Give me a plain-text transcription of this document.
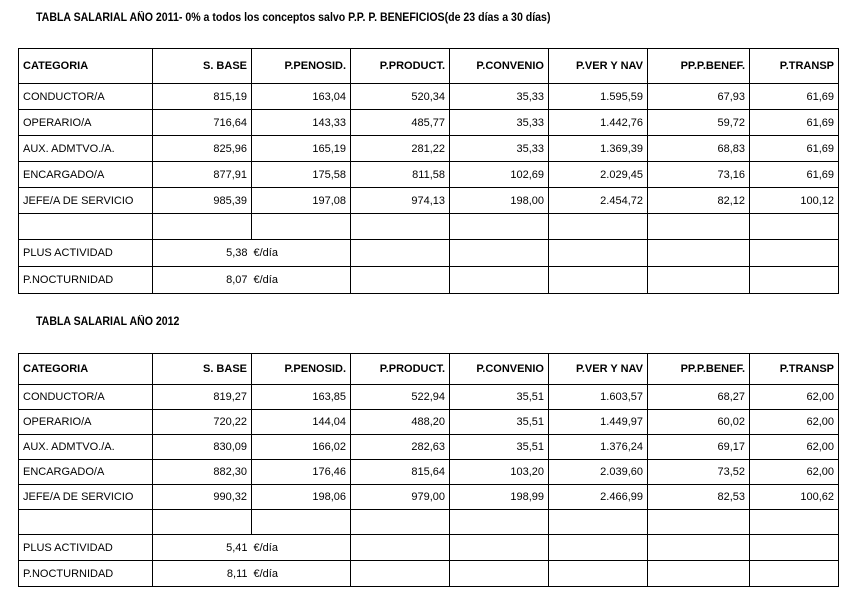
TABLA SALARIAL AÑO 2011- 0% a todos los conceptos salvo P.P. P. BENEFICIOS(de 23 días a 30 días)
CATEGORIA	S. BASE	P.PENOSID.	P.PRODUCT.	P.CONVENIO	P.VER Y NAV	PP.P.BENEF.	P.TRANSP
CONDUCTOR/A	815,19	163,04	520,34	35,33	1.595,59	67,93	61,69
OPERARIO/A	716,64	143,33	485,77	35,33	1.442,76	59,72	61,69
AUX. ADMTVO./A.	825,96	165,19	281,22	35,33	1.369,39	68,83	61,69
ENCARGADO/A	877,91	175,58	811,58	102,69	2.029,45	73,16	61,69
JEFE/A DE SERVICIO	985,39	197,08	974,13	198,00	2.454,72	82,12	100,12

PLUS ACTIVIDAD	5,38	€/día					
P.NOCTURNIDAD	8,07	€/día					
TABLA SALARIAL AÑO 2012
CATEGORIA	S. BASE	P.PENOSID.	P.PRODUCT.	P.CONVENIO	P.VER Y NAV	PP.P.BENEF.	P.TRANSP
CONDUCTOR/A	819,27	163,85	522,94	35,51	1.603,57	68,27	62,00
OPERARIO/A	720,22	144,04	488,20	35,51	1.449,97	60,02	62,00
AUX. ADMTVO./A.	830,09	166,02	282,63	35,51	1.376,24	69,17	62,00
ENCARGADO/A	882,30	176,46	815,64	103,20	2.039,60	73,52	62,00
JEFE/A DE SERVICIO	990,32	198,06	979,00	198,99	2.466,99	82,53	100,62

PLUS ACTIVIDAD	5,41	€/día					
P.NOCTURNIDAD	8,11	€/día					
